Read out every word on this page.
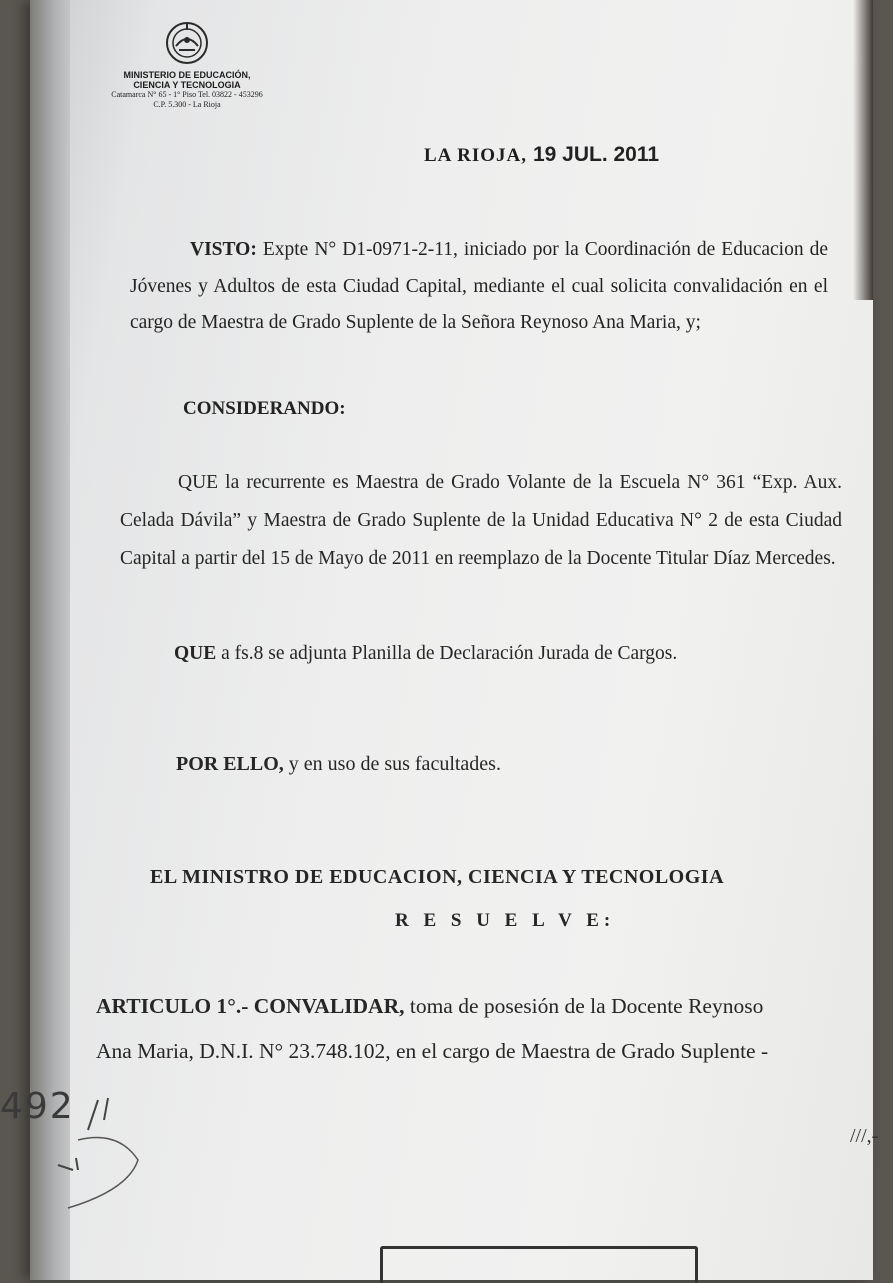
MINISTERIO DE EDUCACIÓN,
CIENCIA Y TECNOLOGIA
Catamarca N° 65 - 1° Piso Tel. 03822 - 453296
C.P. 5.300 - La Rioja
LA RIOJA, 19 JUL. 2011

VISTO: Expte N° D1-0971-2-11, iniciado por la Coordinación de Educacion de Jóvenes y Adultos de esta Ciudad Capital, mediante el cual solicita convalidación en el cargo de Maestra de Grado Suplente de la Señora Reynoso Ana Maria, y;

CONSIDERANDO:

QUE la recurrente es Maestra de Grado Volante de la Escuela N° 361 “Exp. Aux. Celada Dávila” y Maestra de Grado Suplente de la Unidad Educativa N° 2 de esta Ciudad Capital a partir del 15 de Mayo de 2011 en reemplazo de la Docente Titular Díaz Mercedes.

QUE a fs.8 se adjunta Planilla de Declaración Jurada de Cargos.
POR ELLO, y en uso de sus facultades.
EL MINISTRO DE EDUCACION, CIENCIA Y TECNOLOGIA
R E S U E L V E:

ARTICULO 1°.- CONVALIDAR, toma de posesión de la Docente Reynoso

Ana Maria, D.N.I. N° 23.748.102, en el cargo de Maestra de Grado Suplente -

492
///,-
